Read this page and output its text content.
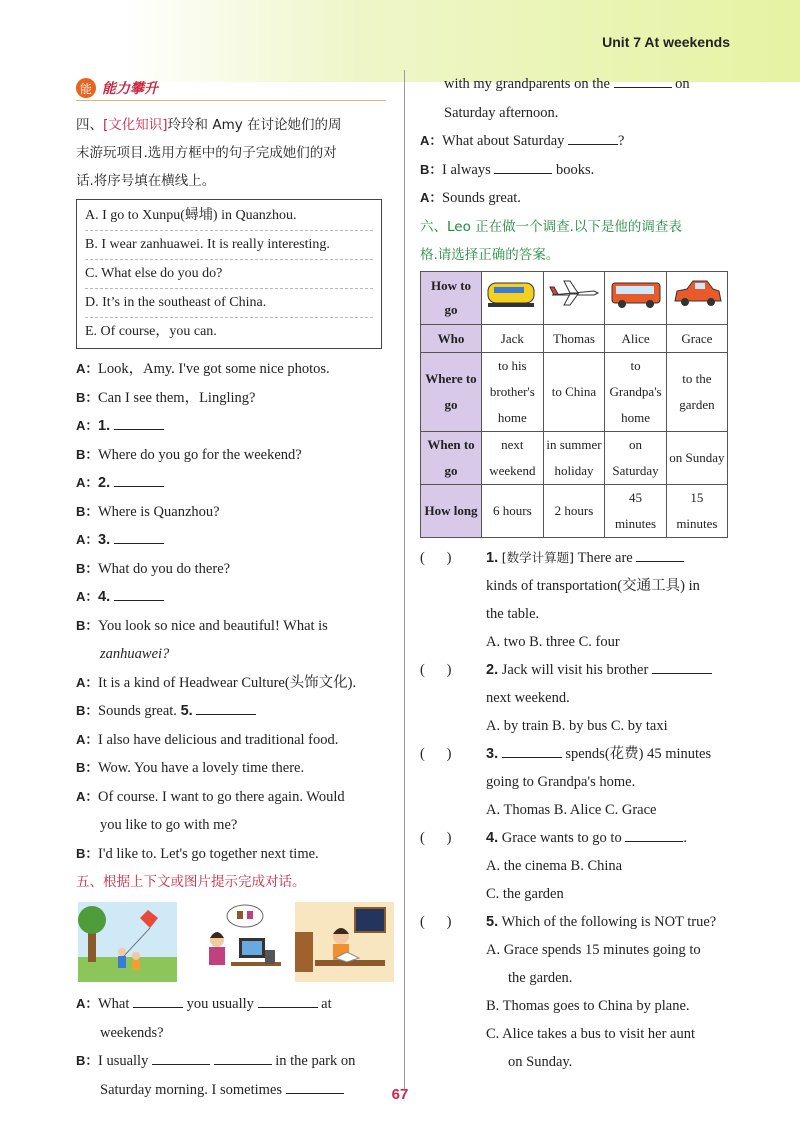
Unit 7 At weekends
能 能力攀升
四、[文化知识]玲玲和 Amy 在讨论她们的周
末游玩项目.选用方框中的句子完成她们的对
话.将序号填在横线上。
A. I go to Xunpu(蟳埔) in Quanzhou.
B. I wear zanhuawei. It is really interesting.
C. What else do you do?
D. It’s in the southeast of China.
E. Of course，you can.
A：Look，Amy. I've got some nice photos.
B：Can I see them，Lingling?
A：1.
B：Where do you go for the weekend?
A：2.
B：Where is Quanzhou?
A：3.
B：What do you do there?
A：4.
B：You look so nice and beautiful! What is
zanhuawei?
A：It is a kind of Headwear Culture(头饰文化).
B：Sounds great. 5.
A：I also have delicious and traditional food.
B：Wow. You have a lovely time there.
A：Of course. I want to go there again. Would
you like to go with me?
B：I'd like to. Let's go together next time.
五、根据上下文或图片提示完成对话。
A：What	you usually	at
weekends?
B：I usually	in the park on
Saturday morning. I sometimes
with my grandparents on the	on
Saturday afternoon.
A：What about Saturday	?
B：I always	books.
A：Sounds great.
六、Leo 正在做一个调查.以下是他的调查表
格.请选择正确的答案。
How to go				
Who	Jack	Thomas	Alice	Grace
Where to go	to his brother's home	to China	to Grandpa's home	to the garden
When to go	next weekend	in summer holiday	on Saturday	on Sunday
How long	6 hours	2 hours	45 minutes	15 minutes
(      )	1. [数学计算题] There are
kinds of transportation(交通工具) in
the table.
A. two B. three C. four
(      )	2. Jack will visit his brother
next weekend.
A. by train B. by bus C. by taxi
(      )	3.	spends(花费) 45 minutes
going to Grandpa's home.
A. Thomas B. Alice C. Grace
(      )	4. Grace wants to go to	.
A. the cinema B. China
C. the garden
(      )	5. Which of the following is NOT true?
A. Grace spends 15 minutes going to
the garden.
B. Thomas goes to China by plane.
C. Alice takes a bus to visit her aunt
on Sunday.
67
